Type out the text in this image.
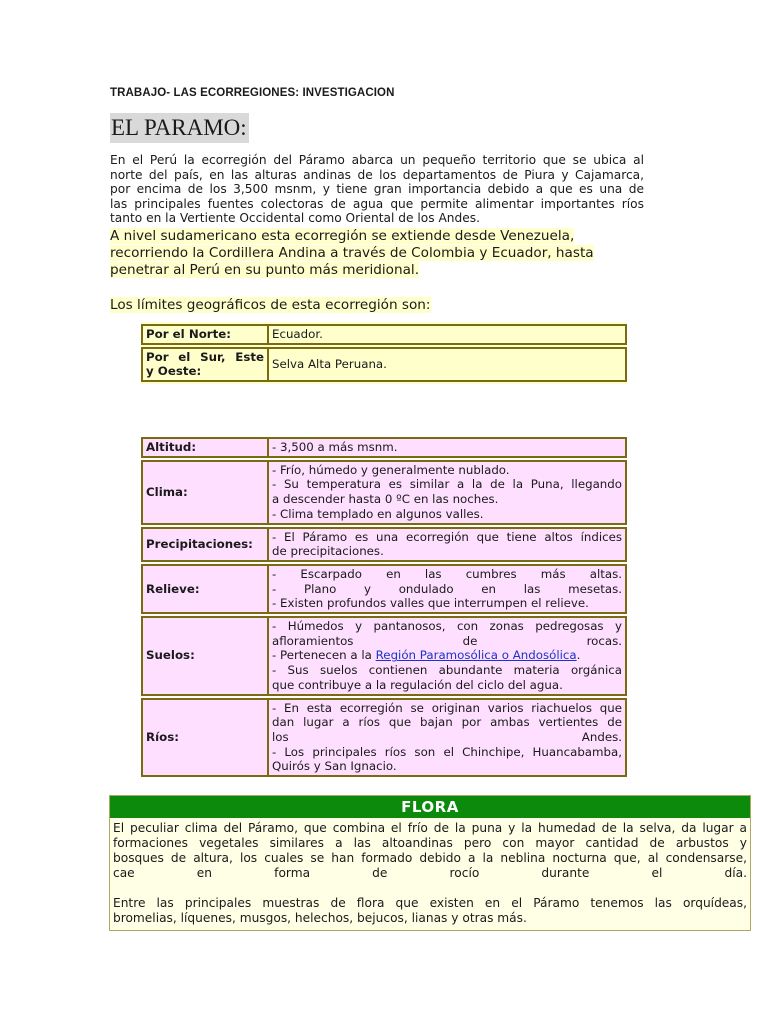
TRABAJO- LAS ECORREGIONES: INVESTIGACION
EL PARAMO:
En el Perú la ecorregión del Páramo abarca un pequeño territorio que se ubica al
norte del país, en las alturas andinas de los departamentos de Piura y Cajamarca,
por encima de los 3,500 msnm, y tiene gran importancia debido a que es una de
las principales fuentes colectoras de agua que permite alimentar importantes ríos
tanto en la Vertiente Occidental como Oriental de los Andes.
A nivel sudamericano esta ecorregión se extiende desde Venezuela,
recorriendo la Cordillera Andina a través de Colombia y Ecuador, hasta
penetrar al Perú en su punto más meridional.
Los límites geográficos de esta ecorregión son:
Por el Norte:	Ecuador.

Por el Sur, Este
y Oeste:	Selva Alta Peruana.
Altitud:	- 3,500 a más msnm.

Clima:	- Frío, húmedo y generalmente nublado.
- Su temperatura es similar a la de la Puna, llegando
a descender hasta 0 ºC en las noches.
- Clima templado en algunos valles.

Precipitaciones:	- El Páramo es una ecorregión que tiene altos índices
de precipitaciones.

Relieve:	- Escarpado en las cumbres más altas.
- Plano y ondulado en las mesetas.
- Existen profundos valles que interrumpen el relieve.

Suelos:	- Húmedos y pantanosos, con zonas pedregosas y
afloramientos de rocas.
- Pertenecen a la Región Paramosólica o Andosólica.
- Sus suelos contienen abundante materia orgánica
que contribuye a la regulación del ciclo del agua.

Ríos:	- En esta ecorregión se originan varios riachuelos que
dan lugar a ríos que bajan por ambas vertientes de
los Andes.
- Los principales ríos son el Chinchipe, Huancabamba,
Quirós y San Ignacio.
FLORA

El peculiar clima del Páramo, que combina el frío de la puna y la humedad de la selva, da lugar a

formaciones vegetales similares a las altoandinas pero con mayor cantidad de arbustos y

bosques de altura, los cuales se han formado debido a la neblina nocturna que, al condensarse,

cae en forma de rocío durante el día.

Entre las principales muestras de flora que existen en el Páramo tenemos las orquídeas,

bromelias, líquenes, musgos, helechos, bejucos, lianas y otras más.
